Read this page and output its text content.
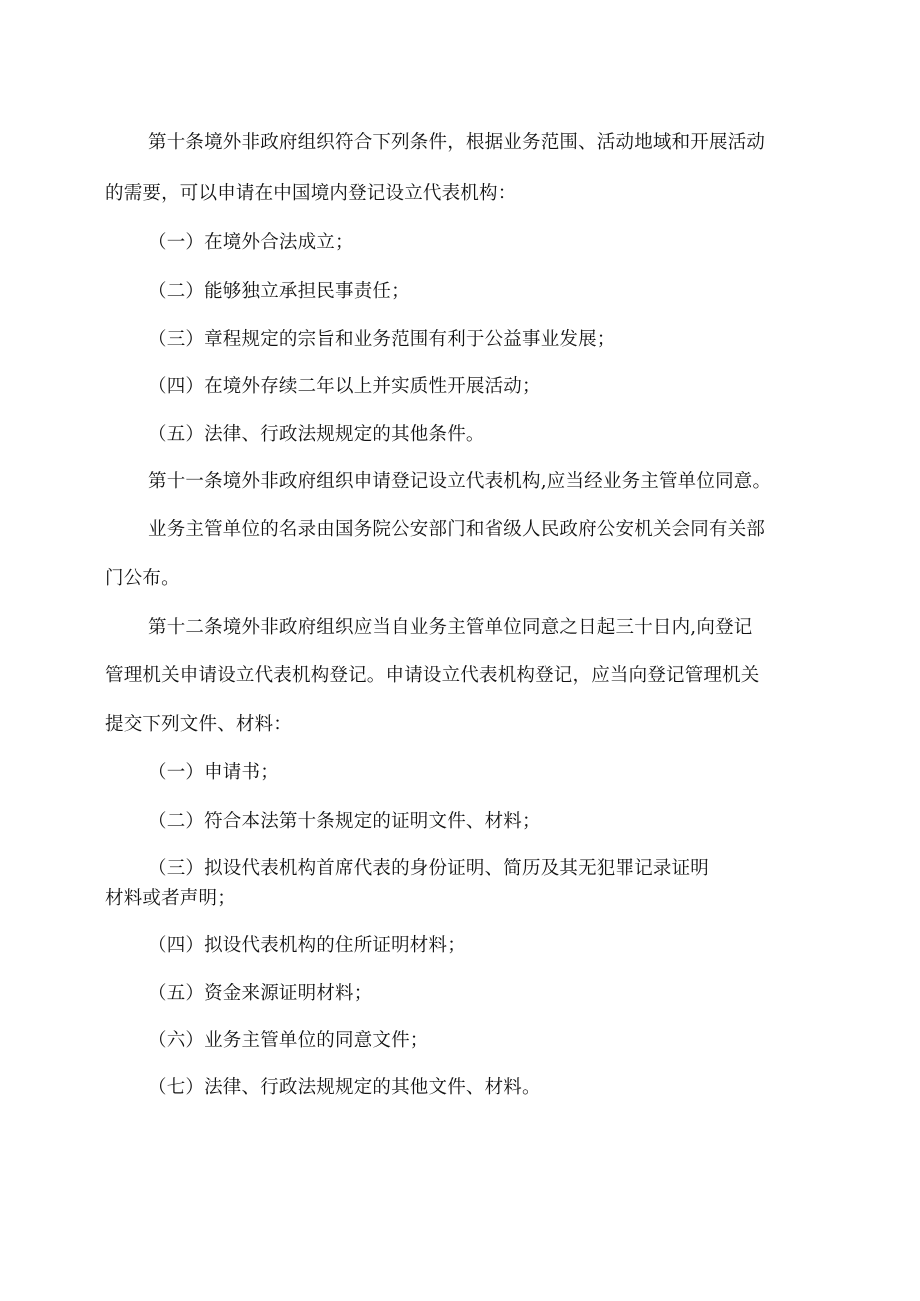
第十条境外非政府组织符合下列条件，根据业务范围、活动地域和开展活动
的需要，可以申请在中国境内登记设立代表机构：
（一）在境外合法成立；
（二）能够独立承担民事责任；
（三）章程规定的宗旨和业务范围有利于公益事业发展；
（四）在境外存续二年以上并实质性开展活动；
（五）法律、行政法规规定的其他条件。
第十一条境外非政府组织申请登记设立代表机构,应当经业务主管单位同意。
业务主管单位的名录由国务院公安部门和省级人民政府公安机关会同有关部
门公布。
第十二条境外非政府组织应当自业务主管单位同意之日起三十日内,向登记
管理机关申请设立代表机构登记。申请设立代表机构登记，应当向登记管理机关
提交下列文件、材料：
（一）申请书；
（二）符合本法第十条规定的证明文件、材料；
（三）拟设代表机构首席代表的身份证明、简历及其无犯罪记录证明
材料或者声明；
（四）拟设代表机构的住所证明材料；
（五）资金来源证明材料；
（六）业务主管单位的同意文件；
（七）法律、行政法规规定的其他文件、材料。
